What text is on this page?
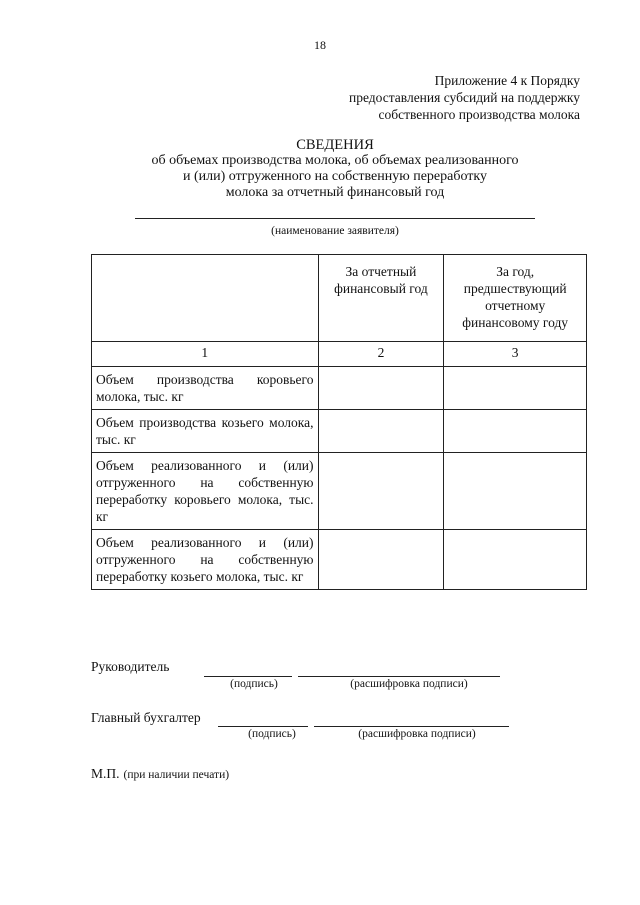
18
Приложение 4 к Порядку
предоставления субсидий на поддержку
собственного производства молока
СВЕДЕНИЯ
об объемах производства молока, об объемах реализованного
и (или) отгруженного на собственную переработку
молока за отчетный финансовый год
(наименование заявителя)
	За отчетный финансовый год	За год, предшествующий отчетному финансовому году
1	2	3
Объем производства коровьего молока, тыс. кг		
Объем производства козьего молока, тыс. кг		
Объем реализованного и (или) отгруженного на собственную переработку коровьего молока, тыс. кг		
Объем реализованного и (или) отгруженного на собственную переработку козьего молока, тыс. кг		
Руководитель
(подпись)	(расшифровка подписи)
Главный бухгалтер
(подпись)	(расшифровка подписи)
М.П. (при наличии печати)
